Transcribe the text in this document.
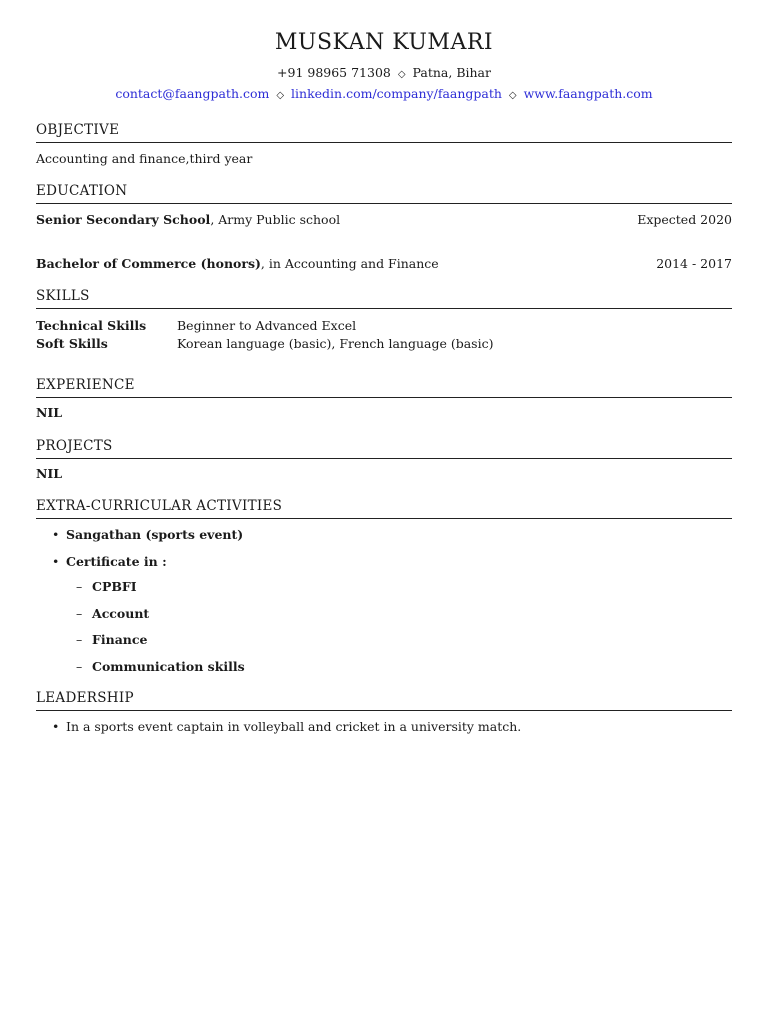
MUSKAN KUMARI
+91 98965 71308 ◇ Patna, Bihar
contact@faangpath.com ◇ linkedin.com/company/faangpath ◇ www.faangpath.com
OBJECTIVE
Accounting and finance,third year
EDUCATION
Senior Secondary School, Army Public school	Expected 2020
Bachelor of Commerce (honors), in Accounting and Finance	2014 - 2017
SKILLS
Technical Skills	Beginner to Advanced Excel
Soft Skills	Korean language (basic), French language (basic)
EXPERIENCE
NIL
PROJECTS
NIL
EXTRA-CURRICULAR ACTIVITIES
• Sangathan (sports event)
• Certificate in :
– CPBFI
– Account
– Finance
– Communication skills
LEADERSHIP
• In a sports event captain in volleyball and cricket in a university match.
